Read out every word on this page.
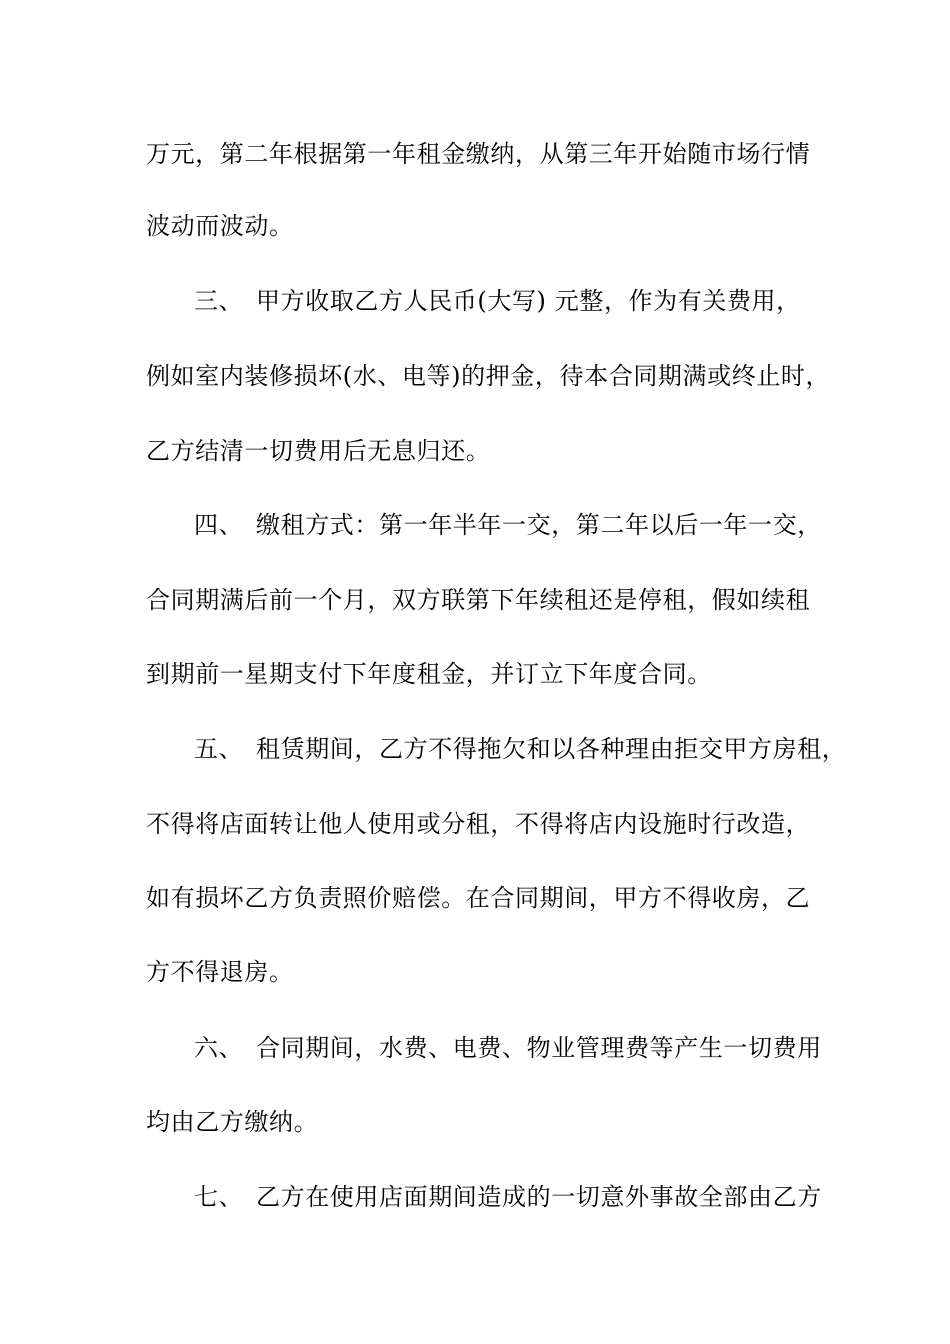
万元，第二年根据第一年租金缴纳，从第三年开始随市场行情
波动而波动。
三、 甲方收取乙方人民币(大写) 元整，作为有关费用，
例如室内装修损坏(水、电等)的押金，待本合同期满或终止时，
乙方结清一切费用后无息归还。
四、 缴租方式：第一年半年一交，第二年以后一年一交，
合同期满后前一个月，双方联第下年续租还是停租，假如续租
到期前一星期支付下年度租金，并订立下年度合同。
五、 租赁期间，乙方不得拖欠和以各种理由拒交甲方房租，
不得将店面转让他人使用或分租，不得将店内设施时行改造，
如有损坏乙方负责照价赔偿。在合同期间，甲方不得收房，乙
方不得退房。
六、 合同期间，水费、电费、物业管理费等产生一切费用
均由乙方缴纳。
七、 乙方在使用店面期间造成的一切意外事故全部由乙方
